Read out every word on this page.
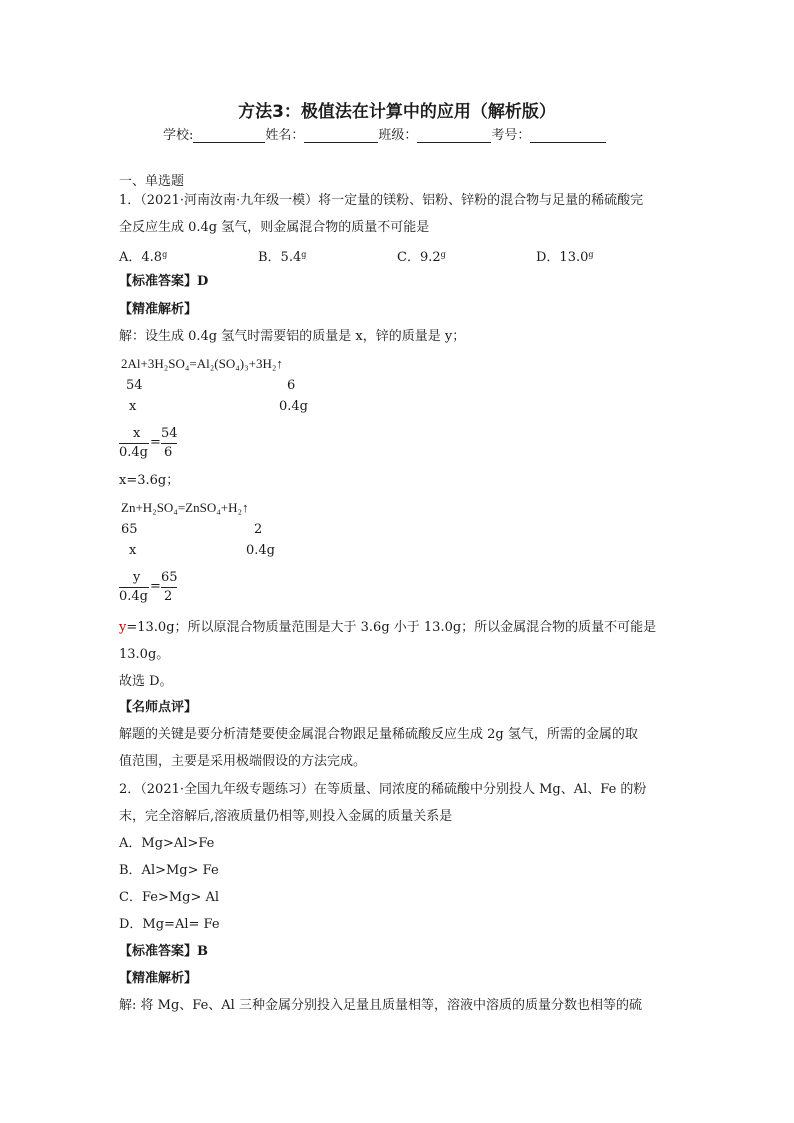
方法3：极值法在计算中的应用（解析版）
学校:	姓名：	班级：	考号：
一、单选题
1．（2021·河南汝南·九年级一模）将一定量的镁粉、铝粉、锌粉的混合物与足量的稀硫酸完
全反应生成 0.4g 氢气，则金属混合物的质量不可能是
A．4.8$^g$	B．5.4$^g$	C．9.2$^g$	D．13.0$^g$
【标准答案】D
【精准解析】
解：设生成 0.4g 氢气时需要铝的质量是 x，锌的质量是 y；
2Al+3H₂SO₄=Al₂(SO₄)₃+3H₂↑
54	6
x	0.4g
x
0.4g
=
54
6
x=3.6g；
Zn+H₂SO₄=ZnSO₄+H₂↑
65	2
x	0.4g
y
0.4g
=
65
2
y=13.0g；所以原混合物质量范围是大于 3.6g 小于 13.0g；所以金属混合物的质量不可能是
13.0g。
故选 D。
【名师点评】
解题的关键是要分析清楚要使金属混合物跟足量稀硫酸反应生成 2g 氢气，所需的金属的取
值范围，主要是采用极端假设的方法完成。
2．（2021·全国九年级专题练习）在等质量、同浓度的稀硫酸中分别投人 Mg、Al、Fe 的粉
末，完全溶解后,溶液质量仍相等,则投入金属的质量关系是
A．Mg>Al>Fe
B．Al>Mg> Fe
C．Fe>Mg> Al
D．Mg=Al= Fe
【标准答案】B
【精准解析】
解: 将 Mg、Fe、Al 三种金属分别投入足量且质量相等，溶液中溶质的质量分数也相等的硫
